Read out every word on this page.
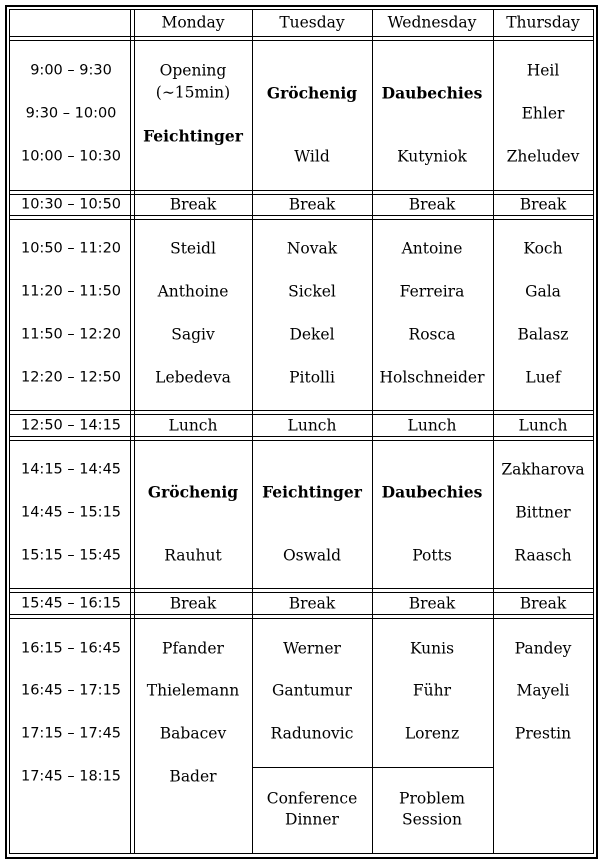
Monday	Tuesday	Wednesday Thursday
9:00 – 9:30
9:30 – 10:00
10:00 – 10:30
10:30 – 10:50
10:50 – 11:20
11:20 – 11:50
11:50 – 12:20
12:20 – 12:50
12:50 – 14:15
14:15 – 14:45
14:45 – 15:15
15:15 – 15:45
15:45 – 16:15
16:15 – 16:45
16:45 – 17:15
17:15 – 17:45
17:45 – 18:15
Opening
(∼15min)
Feichtinger
Break
Steidl
Anthoine
Sagiv
Lebedeva
Lunch
Gröchenig
Rauhut
Break
Pfander
Thielemann
Babacev
Bader
Gröchenig
Wild
Break
Novak
Sickel
Dekel
Pitolli
Lunch
Feichtinger
Oswald
Break
Werner
Gantumur
Radunovic
Conference
Dinner
Daubechies
Kutyniok
Break
Antoine
Ferreira
Rosca
Holschneider
Lunch
Daubechies
Potts
Break
Kunis
Führ
Lorenz
Problem
Session
Heil
Ehler
Zheludev
Break
Koch
Gala
Balasz
Luef
Lunch
Zakharova
Bittner
Raasch
Break
Pandey
Mayeli
Prestin
